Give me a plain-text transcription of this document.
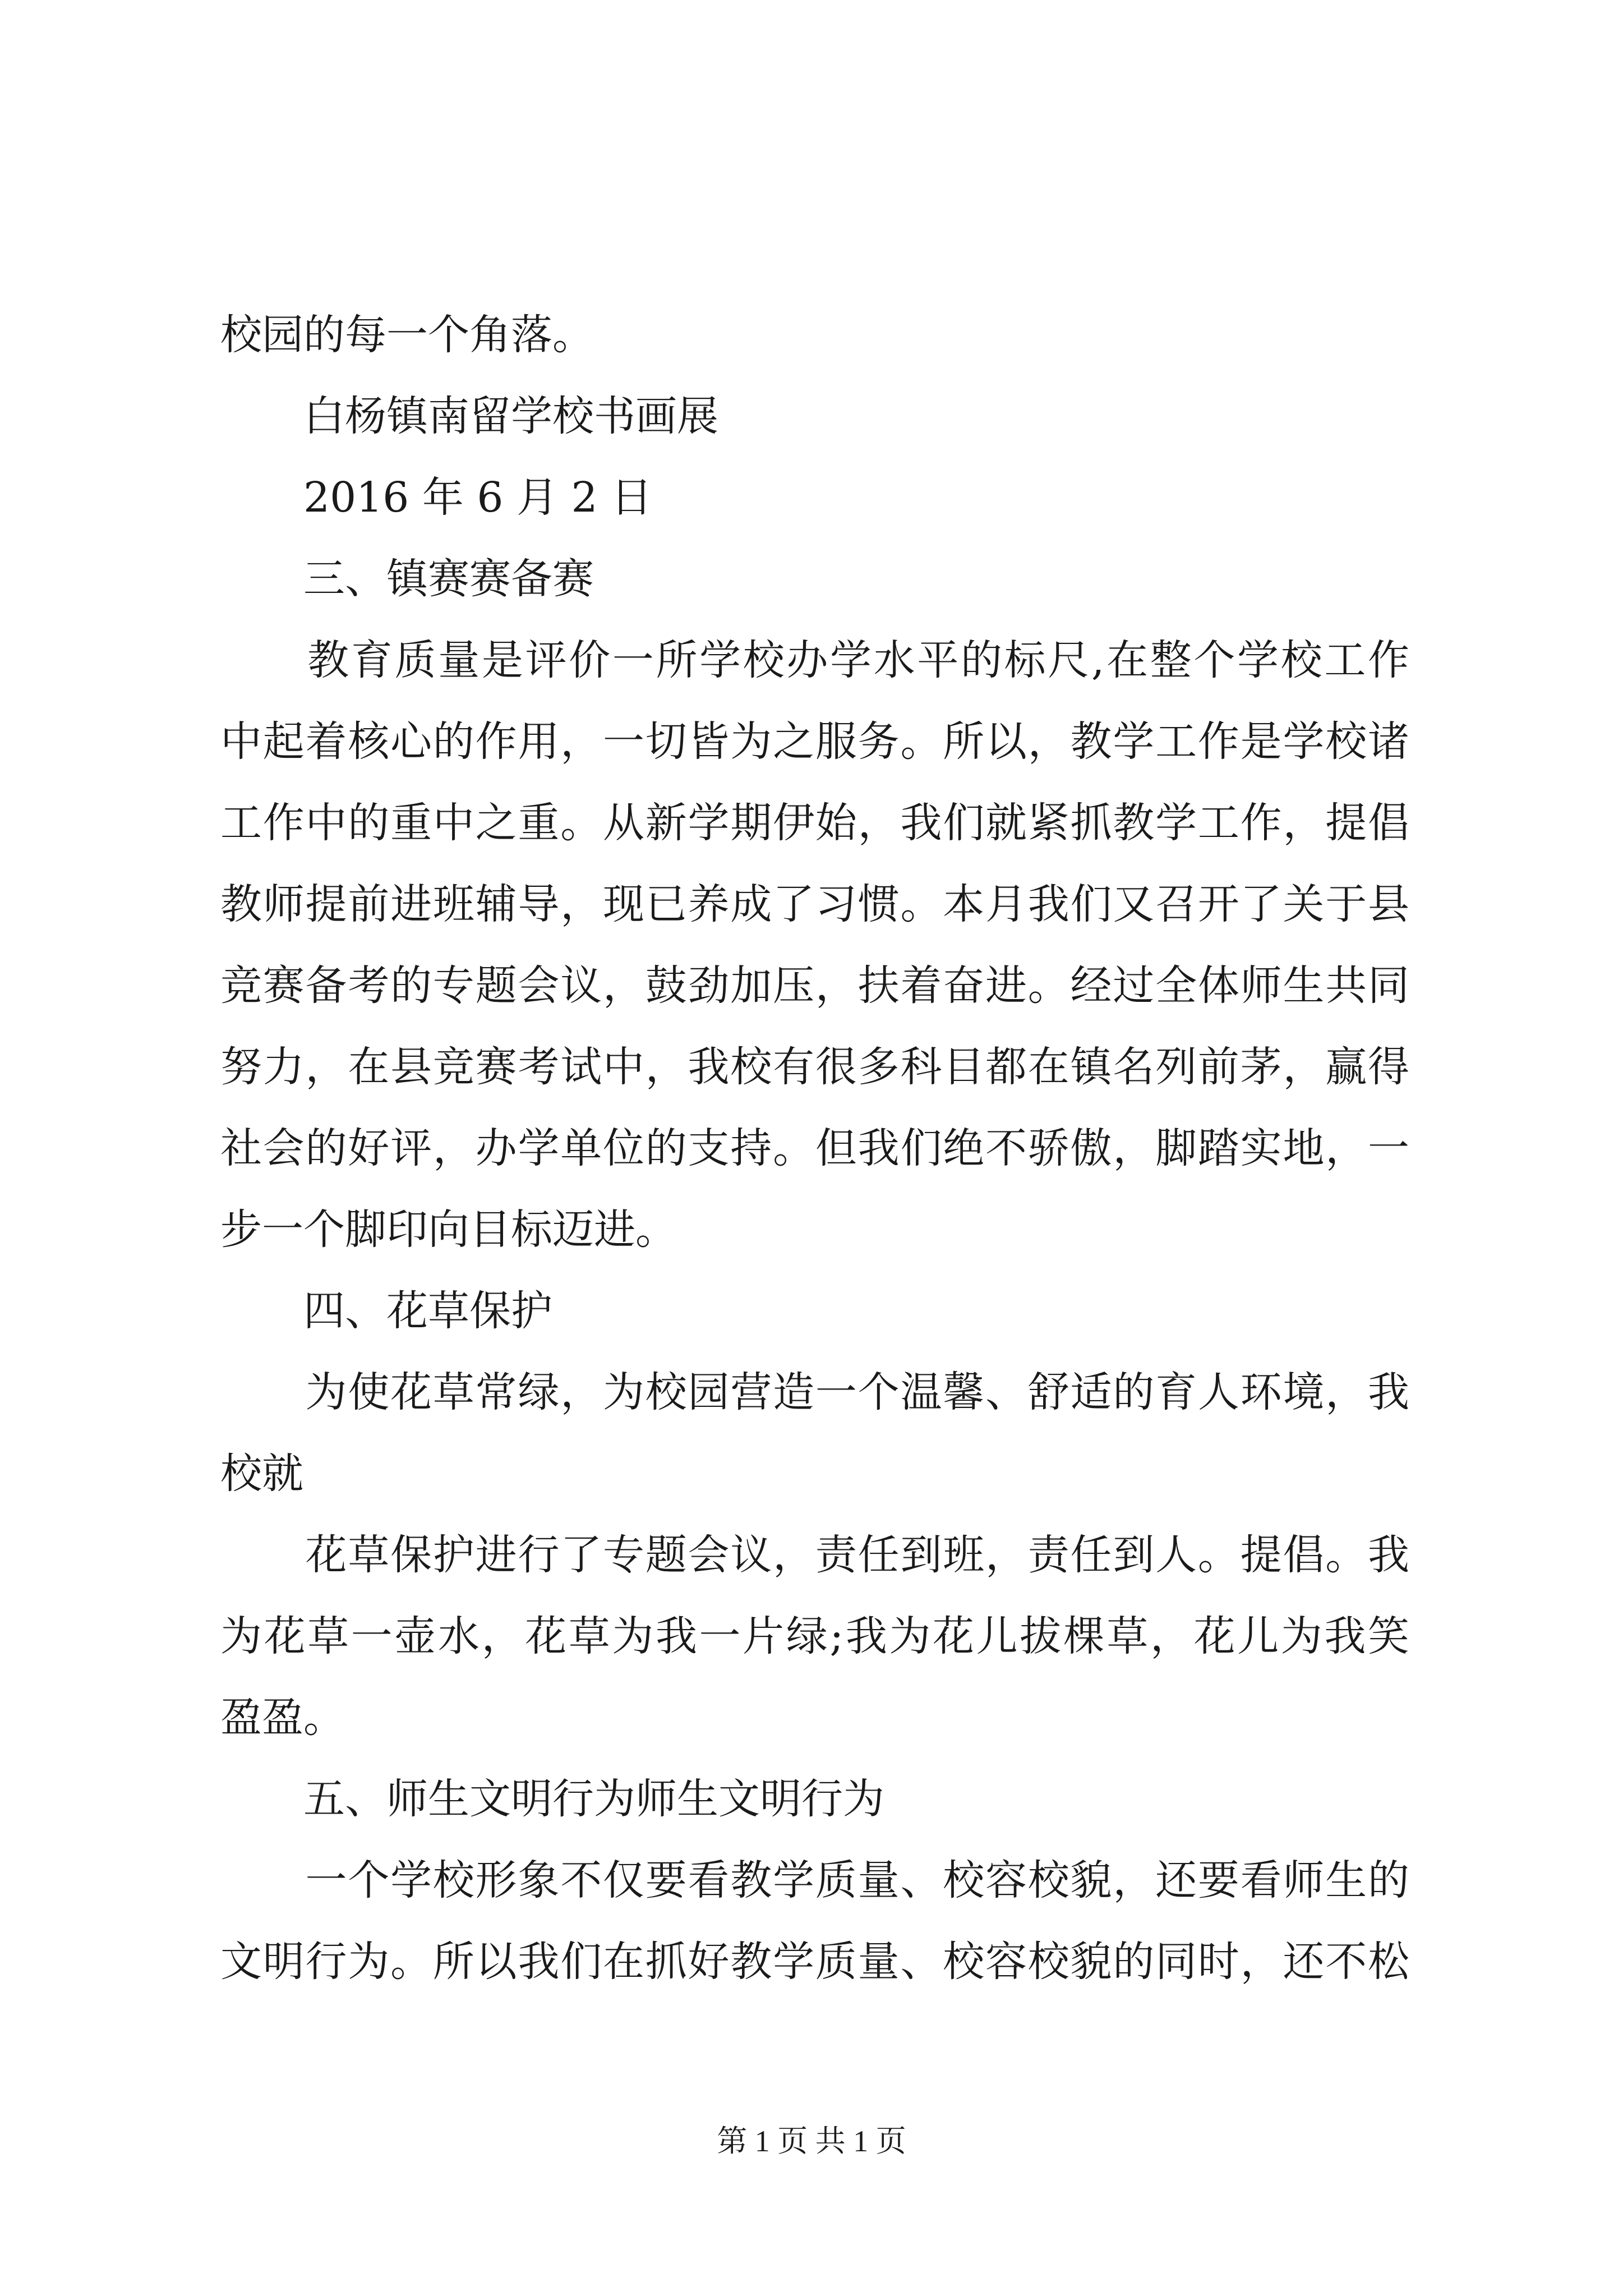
校园的每一个角落。

　　白杨镇南留学校书画展

　　2016 年 6 月 2 日

　　三、镇赛赛备赛

　　教育质量是评价一所学校办学水平的标尺,在整个学校工作

中起着核心的作用，一切皆为之服务。所以，教学工作是学校诸

工作中的重中之重。从新学期伊始，我们就紧抓教学工作，提倡

教师提前进班辅导，现已养成了习惯。本月我们又召开了关于县

竞赛备考的专题会议，鼓劲加压，扶着奋进。经过全体师生共同

努力，在县竞赛考试中，我校有很多科目都在镇名列前茅，赢得

社会的好评，办学单位的支持。但我们绝不骄傲，脚踏实地，一

步一个脚印向目标迈进。

　　四、花草保护

　　为使花草常绿，为校园营造一个温馨、舒适的育人环境，我

校就

　　花草保护进行了专题会议，责任到班，责任到人。提倡。我

为花草一壶水，花草为我一片绿;我为花儿拔棵草，花儿为我笑

盈盈。

　　五、师生文明行为师生文明行为

　　一个学校形象不仅要看教学质量、校容校貌，还要看师生的

文明行为。所以我们在抓好教学质量、校容校貌的同时，还不松

第 1 页 共 1 页
